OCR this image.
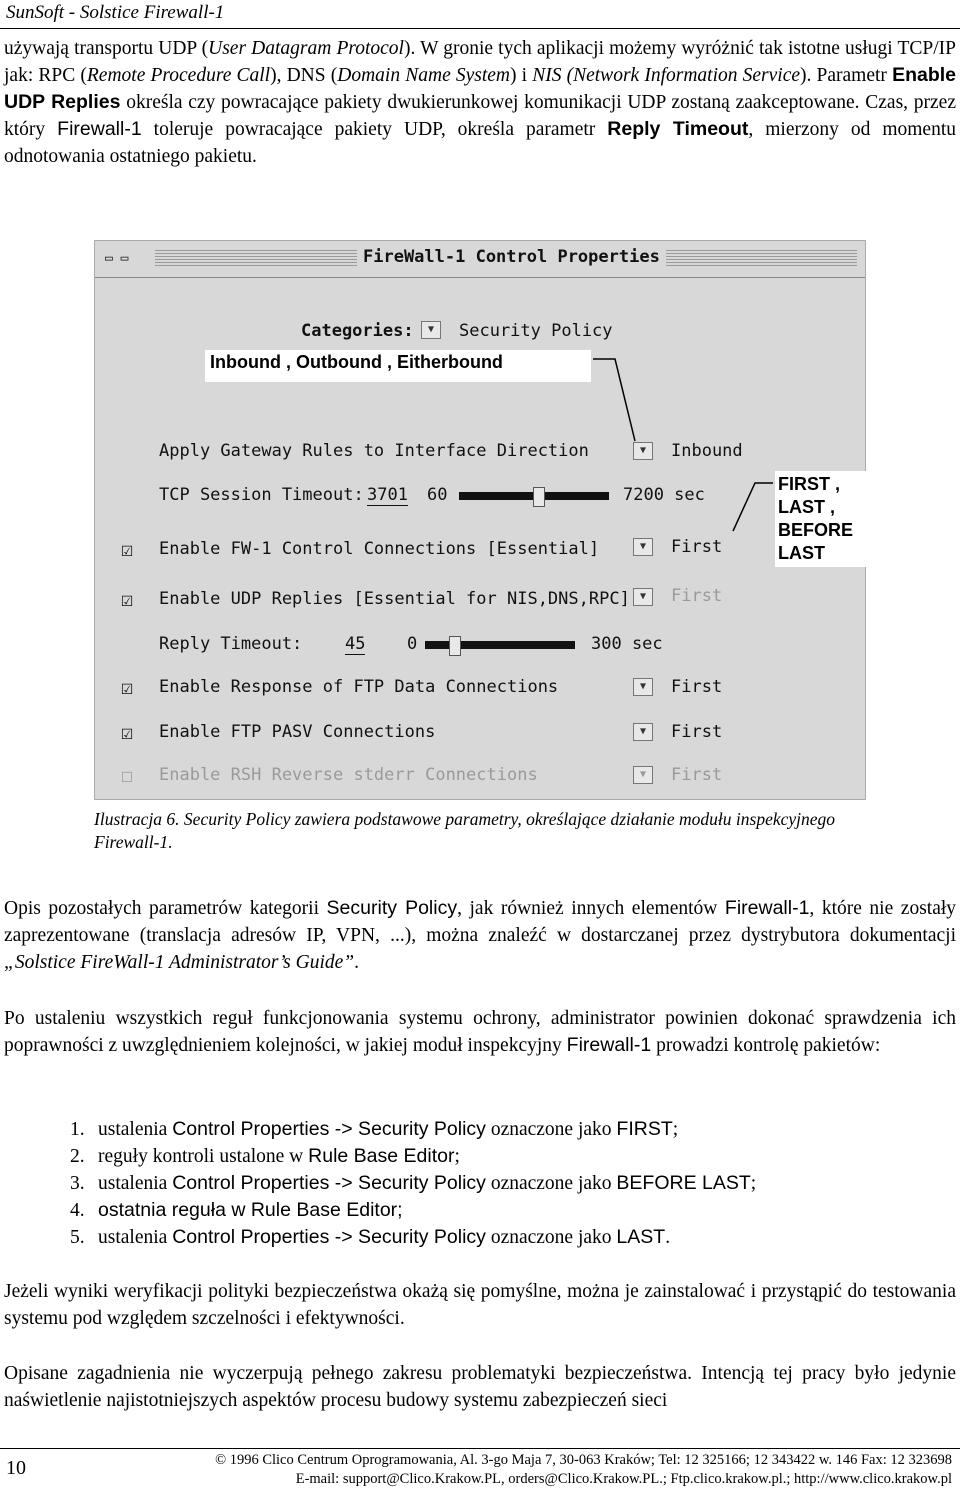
SunSoft - Solstice Firewall-1
używają transportu UDP (User Datagram Protocol). W gronie tych aplikacji możemy wyróżnić tak istotne usługi TCP/IP jak: RPC (Remote Procedure Call), DNS (Domain Name System) i NIS (Network Information Service). Parametr Enable UDP Replies określa czy powracające pakiety dwukierunkowej komunikacji UDP zostaną zaakceptowane. Czas, przez który Firewall-1 toleruje powracające pakiety UDP, określa parametr Reply Timeout, mierzony od momentu odnotowania ostatniego pakietu.
▭ ▭	FireWall-1 Control Properties
Categories:	▼	Security Policy
Inbound , Outbound , Eitherbound
Apply Gateway Rules to Interface Direction	▼	Inbound
TCP Session Timeout: 3701 60	7200 sec
☑ Enable FW-1 Control Connections [Essential]	▼	First
FIRST ,
LAST ,
BEFORE
LAST
☑ Enable UDP Replies [Essential for NIS,DNS,RPC]	▼	First
Reply Timeout:	45 0	300 sec
☑ Enable Response of FTP Data Connections	▼	First
☑ Enable FTP PASV Connections	▼	First
☐ Enable RSH Reverse stderr Connections	▼	First
Ilustracja 6. Security Policy zawiera podstawowe parametry, określające działanie modułu inspekcyjnego Firewall-1.
Opis pozostałych parametrów kategorii Security Policy, jak również innych elementów Firewall-1, które nie zostały zaprezentowane (translacja adresów IP, VPN, ...), można znaleźć w dostarczanej przez dystrybutora dokumentacji „Solstice FireWall-1 Administrator’s Guide”.
Po ustaleniu wszystkich reguł funkcjonowania systemu ochrony, administrator powinien dokonać sprawdzenia ich poprawności z uwzględnieniem kolejności, w jakiej moduł inspekcyjny Firewall-1 prowadzi kontrolę pakietów:
1. ustalenia Control Properties -> Security Policy oznaczone jako FIRST;
2. reguły kontroli ustalone w Rule Base Editor;
3. ustalenia Control Properties -> Security Policy oznaczone jako BEFORE LAST;
4. ostatnia reguła w Rule Base Editor;
5. ustalenia Control Properties -> Security Policy oznaczone jako LAST.
Jeżeli wyniki weryfikacji polityki bezpieczeństwa okażą się pomyślne, można je zainstalować i przystąpić do testowania systemu pod względem szczelności i efektywności.
Opisane zagadnienia nie wyczerpują pełnego zakresu problematyki bezpieczeństwa. Intencją tej pracy było jedynie naświetlenie najistotniejszych aspektów procesu budowy systemu zabezpieczeń sieci
10	© 1996 Clico Centrum Oprogramowania, Al. 3-go Maja 7, 30-063 Kraków; Tel: 12 325166; 12 343422 w. 146 Fax: 12 323698
E-mail: support@Clico.Krakow.PL, orders@Clico.Krakow.PL.; Ftp.clico.krakow.pl.; http://www.clico.krakow.pl
